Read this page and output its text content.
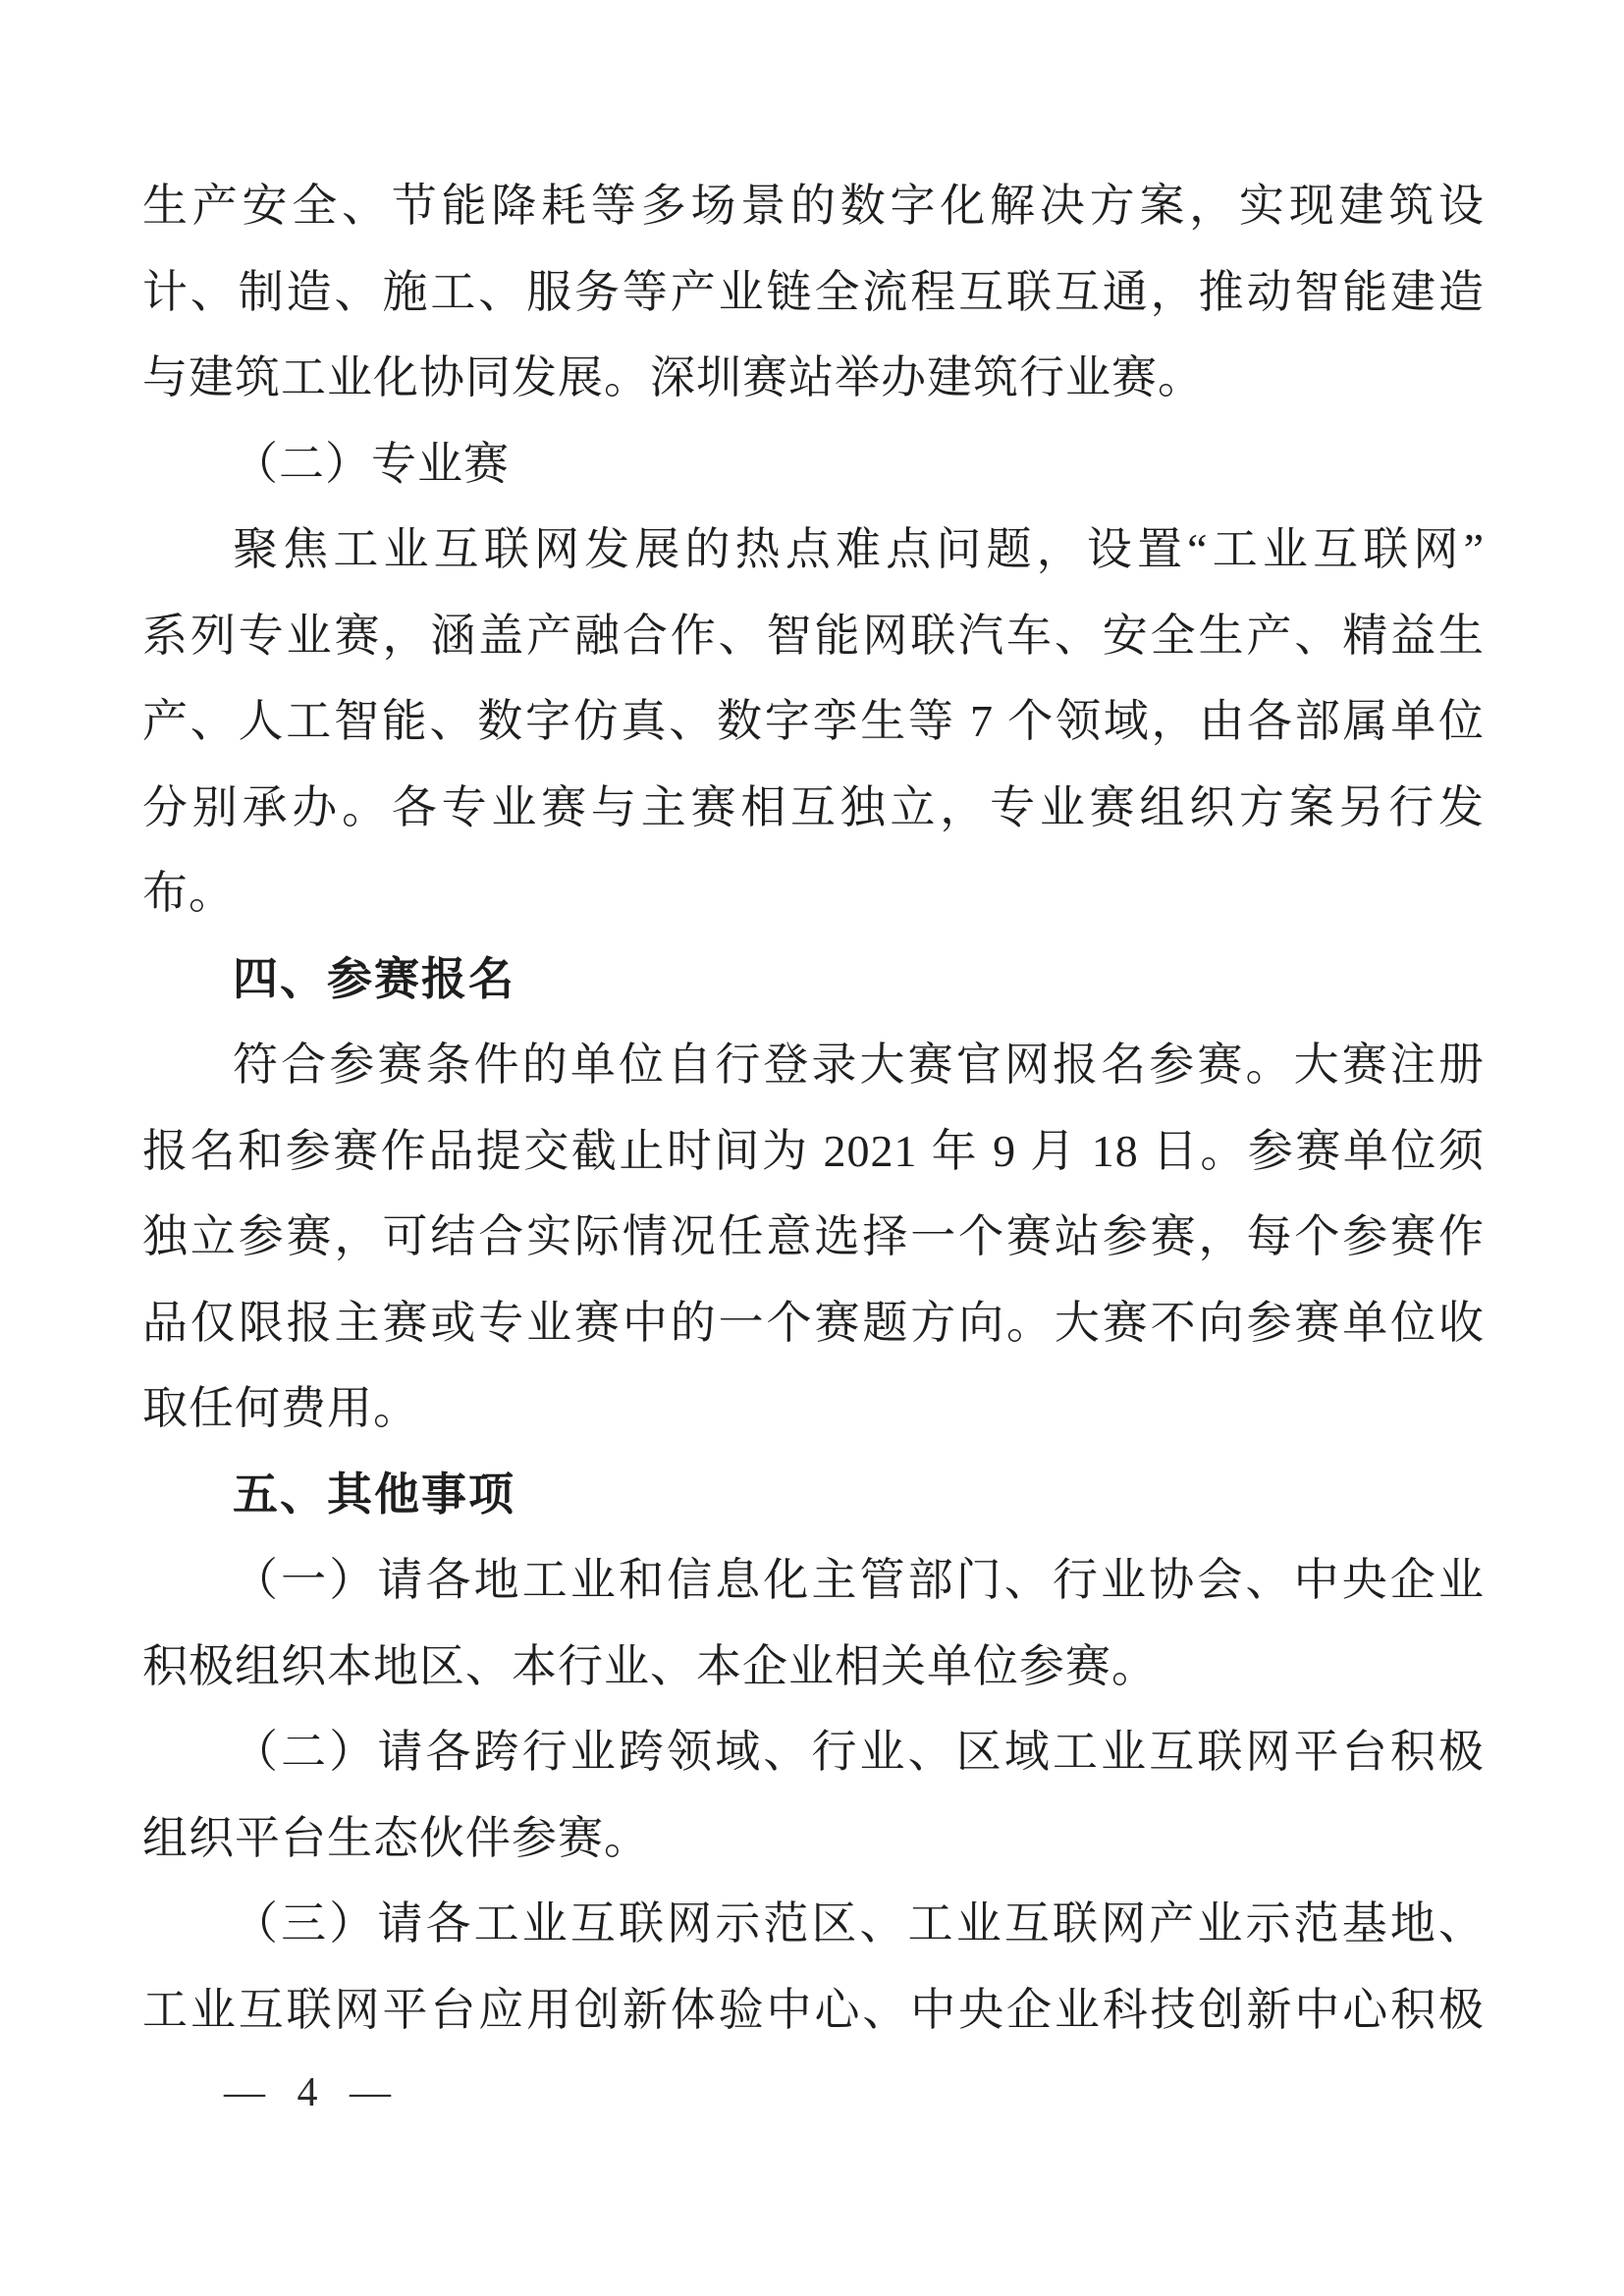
生产安全、节能降耗等多场景的数字化解决方案，实现建筑设

计、制造、施工、服务等产业链全流程互联互通，推动智能建造

与建筑工业化协同发展。深圳赛站举办建筑行业赛。

（二）专业赛

聚焦工业互联网发展的热点难点问题，设置“工业互联网”

系列专业赛，涵盖产融合作、智能网联汽车、安全生产、精益生

产、人工智能、数字仿真、数字孪生等 7 个领域，由各部属单位

分别承办。各专业赛与主赛相互独立，专业赛组织方案另行发

布。

四、参赛报名

符合参赛条件的单位自行登录大赛官网报名参赛。大赛注册

报名和参赛作品提交截止时间为 2021 年 9 月 18 日。参赛单位须

独立参赛，可结合实际情况任意选择一个赛站参赛，每个参赛作

品仅限报主赛或专业赛中的一个赛题方向。大赛不向参赛单位收

取任何费用。

五、其他事项

（一）请各地工业和信息化主管部门、行业协会、中央企业

积极组织本地区、本行业、本企业相关单位参赛。

（二）请各跨行业跨领域、行业、区域工业互联网平台积极

组织平台生态伙伴参赛。

（三）请各工业互联网示范区、工业互联网产业示范基地、

工业互联网平台应用创新体验中心、中央企业科技创新中心积极

— 4 —
